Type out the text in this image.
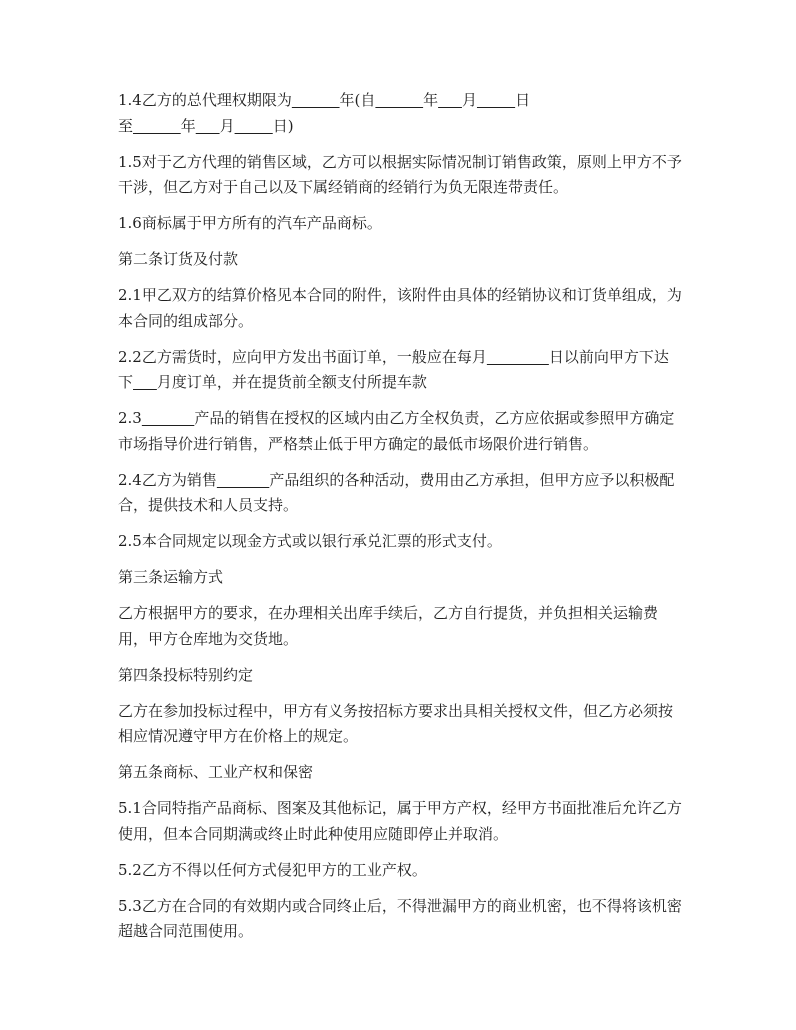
1.4乙方的总代理权期限为	年(自	年 月	日至	年 月	日)

1.5对于乙方代理的销售区域，乙方可以根据实际情况制订销售政策，原则上甲方不予干涉，但乙方对于自己以及下属经销商的经销行为负无限连带责任。

1.6商标属于甲方所有的汽车产品商标。

第二条订货及付款

2.1甲乙双方的结算价格见本合同的附件，该附件由具体的经销协议和订货单组成，为本合同的组成部分。

2.2乙方需货时，应向甲方发出书面订单，一般应在每月	日以前向甲方下达下 月度订单，并在提货前全额支付所提车款

2.3	产品的销售在授权的区域内由乙方全权负责，乙方应依据或参照甲方确定市场指导价进行销售，严格禁止低于甲方确定的最低市场限价进行销售。

2.4乙方为销售	产品组织的各种活动，费用由乙方承担，但甲方应予以积极配合，提供技术和人员支持。

2.5本合同规定以现金方式或以银行承兑汇票的形式支付。

第三条运输方式

乙方根据甲方的要求，在办理相关出库手续后，乙方自行提货，并负担相关运输费用，甲方仓库地为交货地。

第四条投标特别约定

乙方在参加投标过程中，甲方有义务按招标方要求出具相关授权文件，但乙方必须按相应情况遵守甲方在价格上的规定。

第五条商标、工业产权和保密

5.1合同特指产品商标、图案及其他标记，属于甲方产权，经甲方书面批准后允许乙方使用，但本合同期满或终止时此种使用应随即停止并取消。

5.2乙方不得以任何方式侵犯甲方的工业产权。

5.3乙方在合同的有效期内或合同终止后，不得泄漏甲方的商业机密，也不得将该机密超越合同范围使用。
